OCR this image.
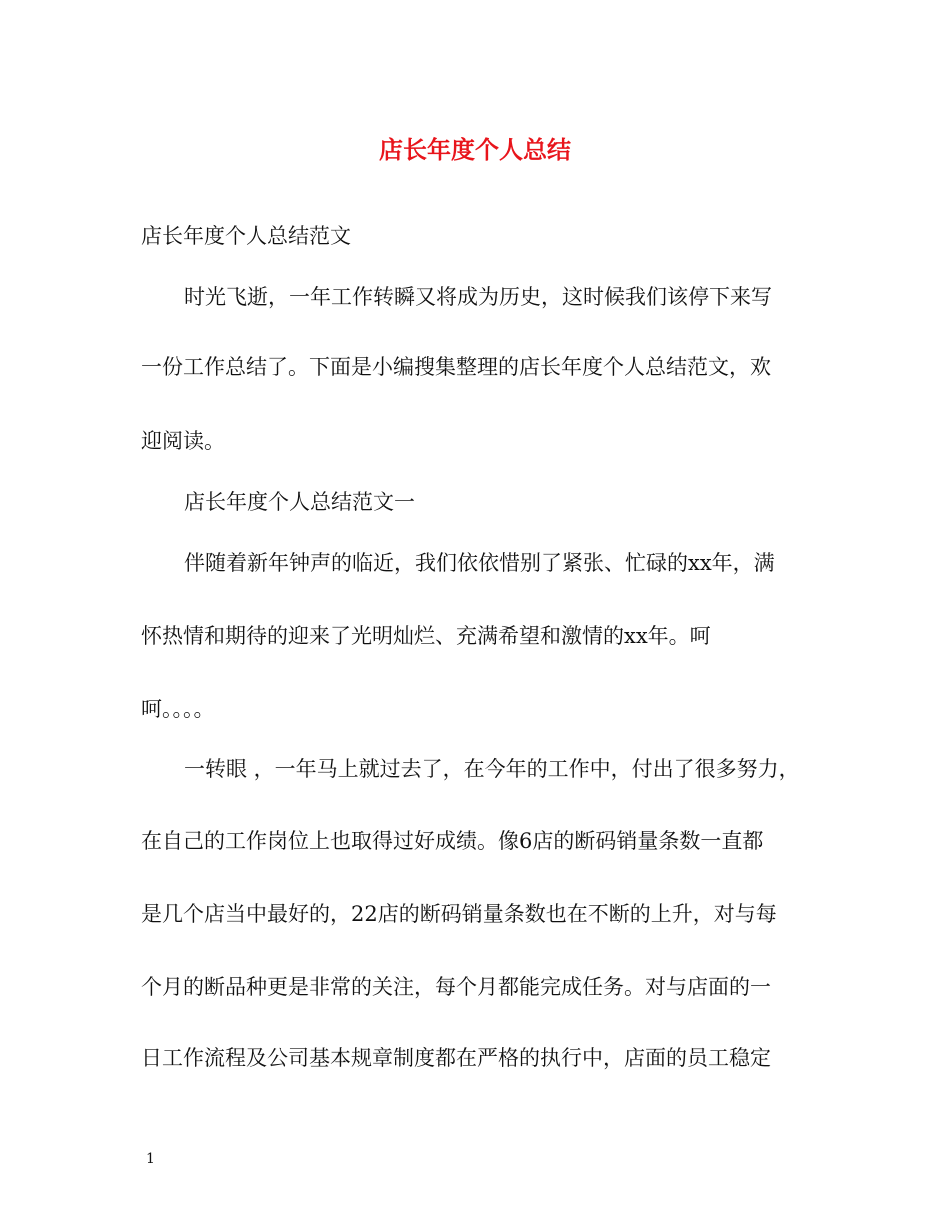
店长年度个人总结
店长年度个人总结范文
时光飞逝，一年工作转瞬又将成为历史，这时候我们该停下来写
一份工作总结了。下面是小编搜集整理的店长年度个人总结范文，欢
迎阅读。
店长年度个人总结范文一
伴随着新年钟声的临近，我们依依惜别了紧张、忙碌的xx年，满
怀热情和期待的迎来了光明灿烂、充满希望和激情的xx年。呵
呵。。。。
一转眼 ，一年马上就过去了，在今年的工作中，付出了很多努力，
在自己的工作岗位上也取得过好成绩。像6店的断码销量条数一直都
是几个店当中最好的，22店的断码销量条数也在不断的上升，对与每
个月的断品种更是非常的关注，每个月都能完成任务。对与店面的一
日工作流程及公司基本规章制度都在严格的执行中，店面的员工稳定
1
